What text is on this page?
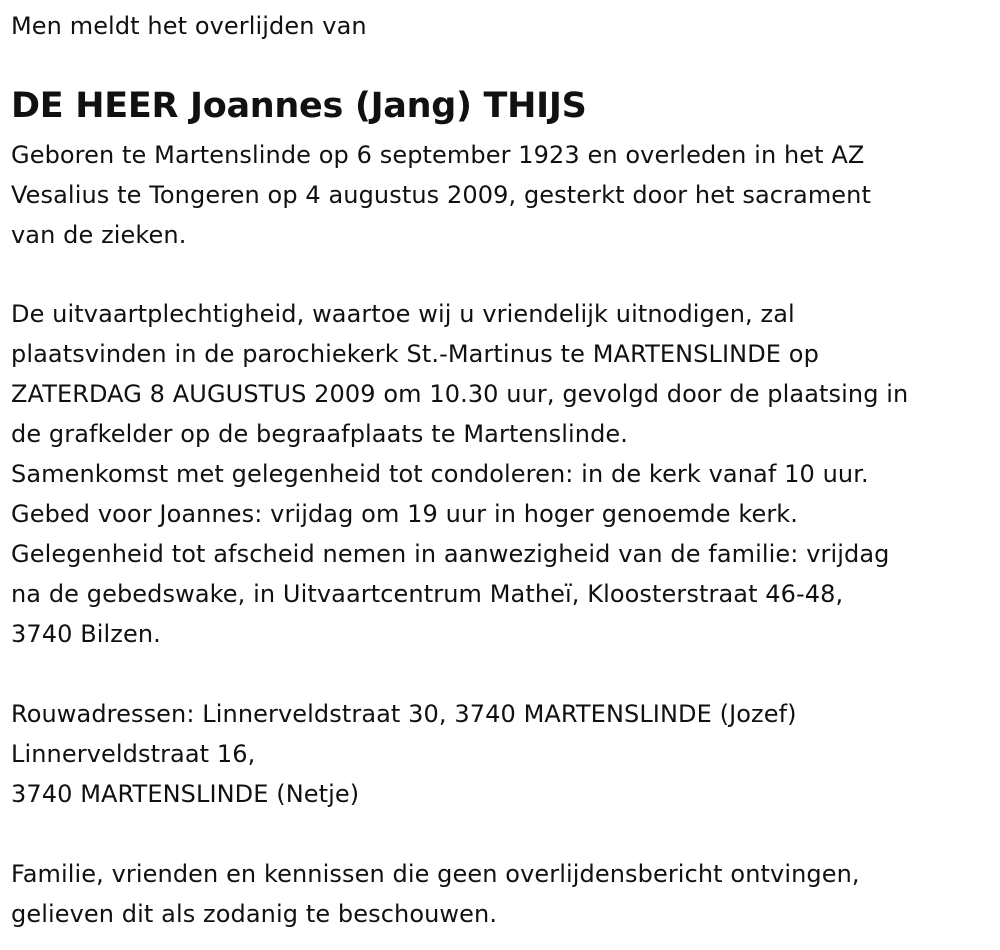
Men meldt het overlijden van
DE HEER Joannes (Jang) THIJS
Geboren te Martenslinde op 6 september 1923 en overleden in het AZ
Vesalius te Tongeren op 4 augustus 2009, gesterkt door het sacrament
van de zieken.
De uitvaartplechtigheid, waartoe wij u vriendelijk uitnodigen, zal
plaatsvinden in de parochiekerk St.-Martinus te MARTENSLINDE op
ZATERDAG 8 AUGUSTUS 2009 om 10.30 uur, gevolgd door de plaatsing in
de grafkelder op de begraafplaats te Martenslinde.
Samenkomst met gelegenheid tot condoleren: in de kerk vanaf 10 uur.
Gebed voor Joannes: vrijdag om 19 uur in hoger genoemde kerk.
Gelegenheid tot afscheid nemen in aanwezigheid van de familie: vrijdag
na de gebedswake, in Uitvaartcentrum Matheï, Kloosterstraat 46-48,
3740 Bilzen.
Rouwadressen: Linnerveldstraat 30, 3740 MARTENSLINDE (Jozef)
Linnerveldstraat 16,
3740 MARTENSLINDE (Netje)
Familie, vrienden en kennissen die geen overlijdensbericht ontvingen,
gelieven dit als zodanig te beschouwen.
